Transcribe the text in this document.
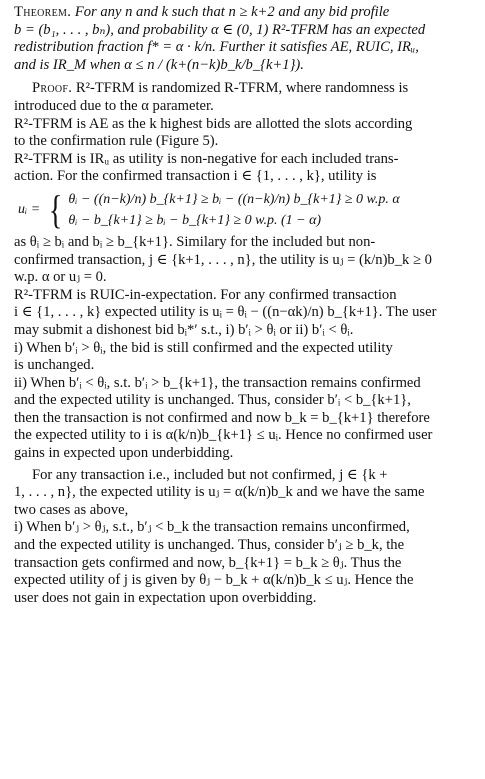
Theorem. For any n and k such that n ≥ k+2 and any bid profile

b = (b₁, . . . , bₙ), and probability α ∈ (0, 1) R²-TFRM has an expected

redistribution fraction f* = α · k/n. Further it satisfies AE, RUIC, IRᵤ,

and is IR_M when α ≤ n / (k+(n−k)b_k/b_{k+1}).

Proof. R²-TFRM is randomized R-TFRM, where randomness is

introduced due to the α parameter.

R²-TFRM is AE as the k highest bids are allotted the slots according

to the confirmation rule (Figure 5).

R²-TFRM is IRᵤ as utility is non-negative for each included trans-

action. For the confirmed transaction i ∈ {1, . . . , k}, utility is

uᵢ = { θᵢ − ((n−k)/n) b_{k+1} ≥ bᵢ − ((n−k)/n) b_{k+1} ≥ 0 w.p. α
θᵢ − b_{k+1} ≥ bᵢ − b_{k+1} ≥ 0 w.p. (1 − α)

as θᵢ ≥ bᵢ and bᵢ ≥ b_{k+1}. Similary for the included but non-

confirmed transaction, j ∈ {k+1, . . . , n}, the utility is uⱼ = (k/n)b_k ≥ 0

w.p. α or uⱼ = 0.

R²-TFRM is RUIC-in-expectation. For any confirmed transaction

i ∈ {1, . . . , k} expected utility is uᵢ = θᵢ − ((n−αk)/n) b_{k+1}. The user

may submit a dishonest bid bᵢ*′ s.t., i) b′ᵢ > θᵢ or ii) b′ᵢ < θᵢ.

i) When b′ᵢ > θᵢ, the bid is still confirmed and the expected utility

is unchanged.

ii) When b′ᵢ < θᵢ, s.t. b′ᵢ > b_{k+1}, the transaction remains confirmed

and the expected utility is unchanged. Thus, consider b′ᵢ < b_{k+1},

then the transaction is not confirmed and now b_k = b_{k+1} therefore

the expected utility to i is α(k/n)b_{k+1} ≤ uᵢ. Hence no confirmed user

gains in expected upon underbidding.

For any transaction i.e., included but not confirmed, j ∈ {k +

1, . . . , n}, the expected utility is uⱼ = α(k/n)b_k and we have the same

two cases as above,

i) When b′ⱼ > θⱼ, s.t., b′ⱼ < b_k the transaction remains unconfirmed,

and the expected utility is unchanged. Thus, consider b′ⱼ ≥ b_k, the

transaction gets confirmed and now, b_{k+1} = b_k ≥ θⱼ. Thus the

expected utility of j is given by θⱼ − b_k + α(k/n)b_k ≤ uⱼ. Hence the

user does not gain in expectation upon overbidding.
